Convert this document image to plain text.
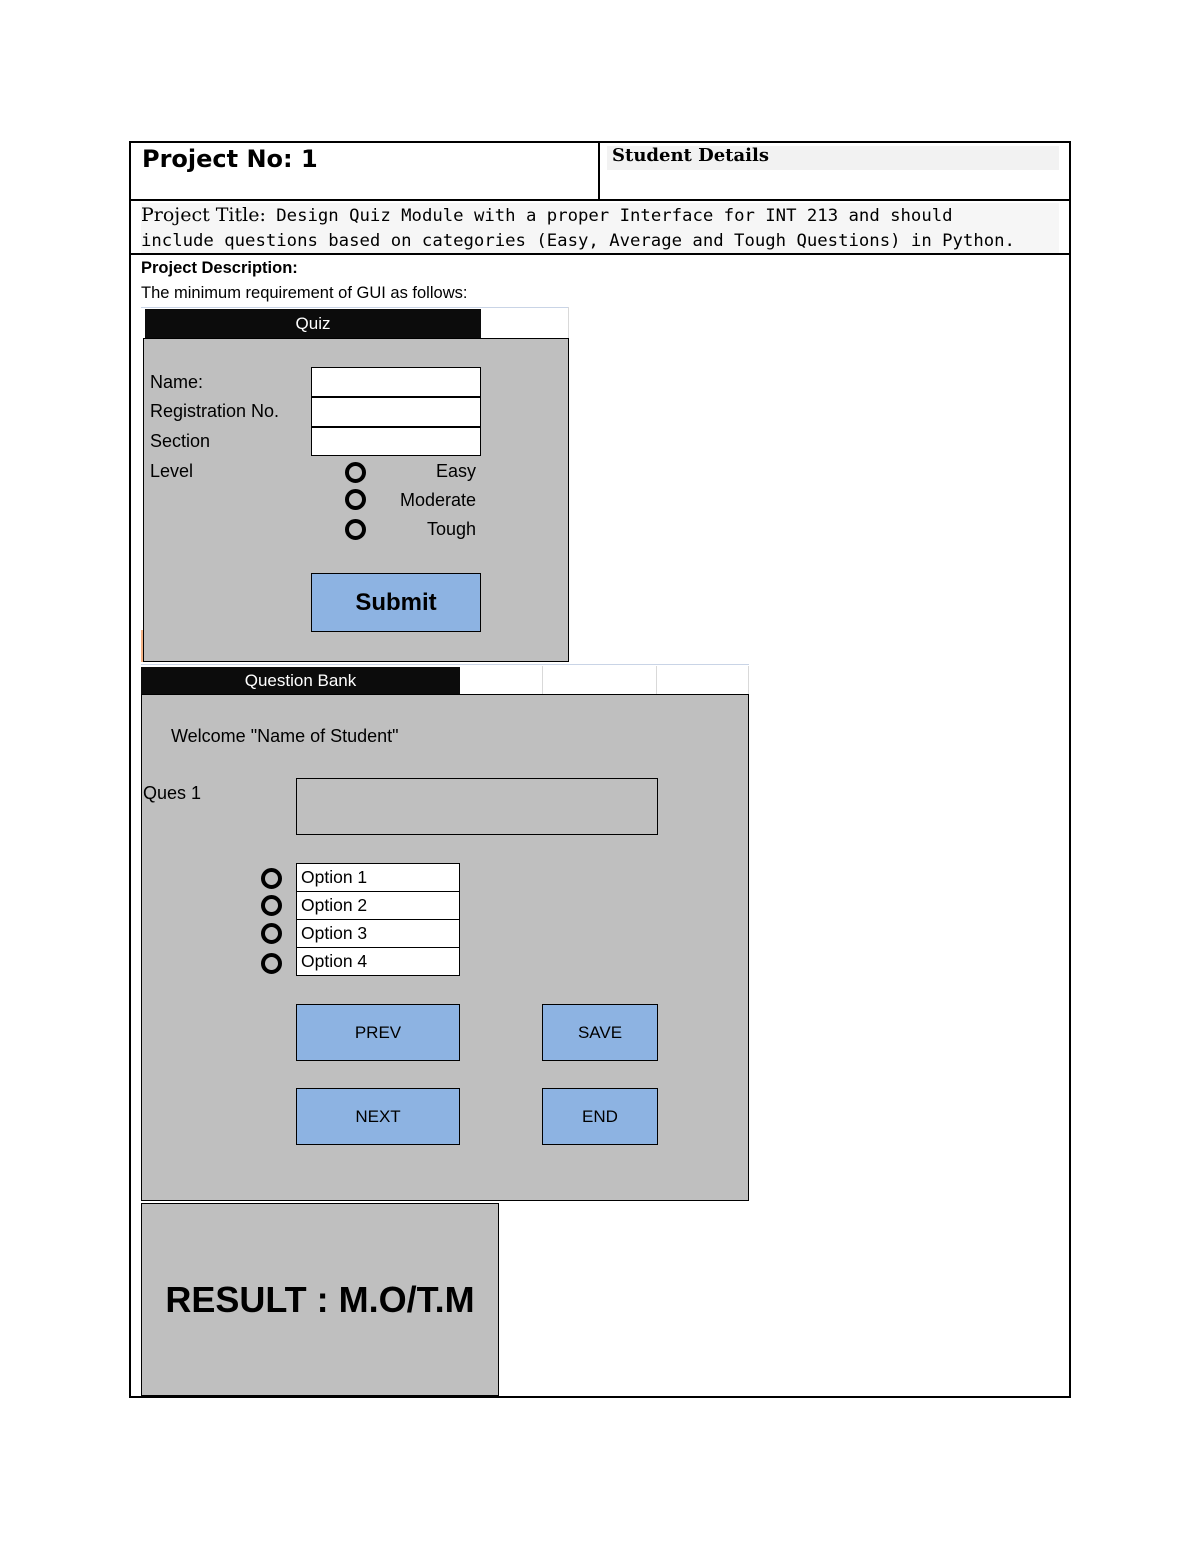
Project No: 1	Student Details
Project Title: Design Quiz Module with a proper Interface for INT 213 and should
include questions based on categories (Easy, Average and Tough Questions) in Python.
Project Description:
The minimum requirement of GUI as follows:
Quiz
Name:
Registration No.
Section
Level	Easy
Moderate
Tough
Submit
Question Bank
Welcome "Name of Student"
Ques 1
Option 1
Option 2
Option 3
Option 4
PREV	SAVE
NEXT	END
RESULT : M.O/T.M
